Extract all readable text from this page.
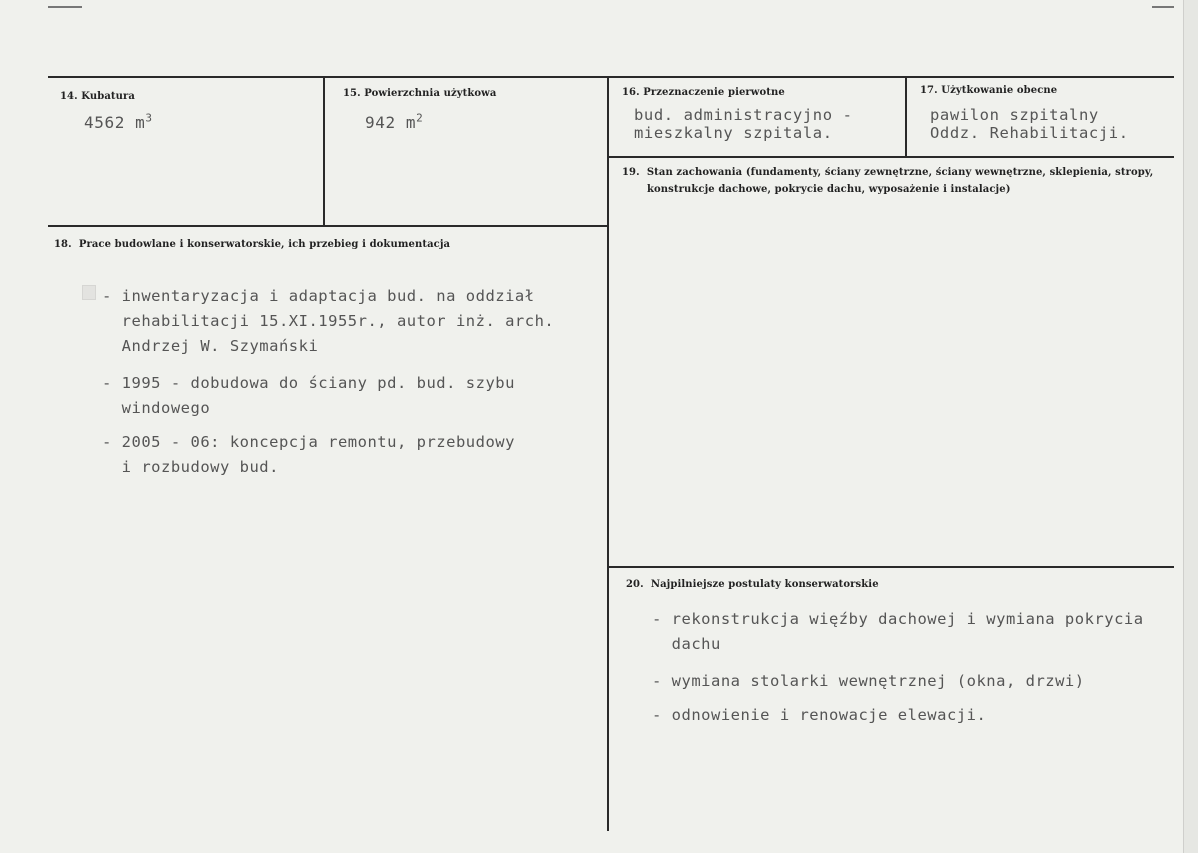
14. Kubatura
4562 $m^3$
15. Powierzchnia użytkowa
942 $m^2$
16. Przeznaczenie pierwotne
bud. administracyjno -
mieszkalny szpitala.
17. Użytkowanie obecne
pawilon szpitalny
Oddz. Rehabilitacji.
19.  Stan zachowania (fundamenty, ściany zewnętrzne, ściany wewnętrzne, sklepienia, stropy,
konstrukcje dachowe, pokrycie dachu, wyposażenie i instalacje)
18.  Prace budowlane i konserwatorskie, ich przebieg i dokumentacja
- inwentaryzacja i adaptacja bud. na oddział
rehabilitacji 15.XI.1955r., autor inż. arch.
Andrzej W. Szymański
- 1995 - dobudowa do ściany pd. bud. szybu
windowego
- 2005 - 06: koncepcja remontu, przebudowy
i rozbudowy bud.
20.  Najpilniejsze postulaty konserwatorskie
- rekonstrukcja więźby dachowej i wymiana pokrycia
dachu
- wymiana stolarki wewnętrznej (okna, drzwi)
- odnowienie i renowacje elewacji.
